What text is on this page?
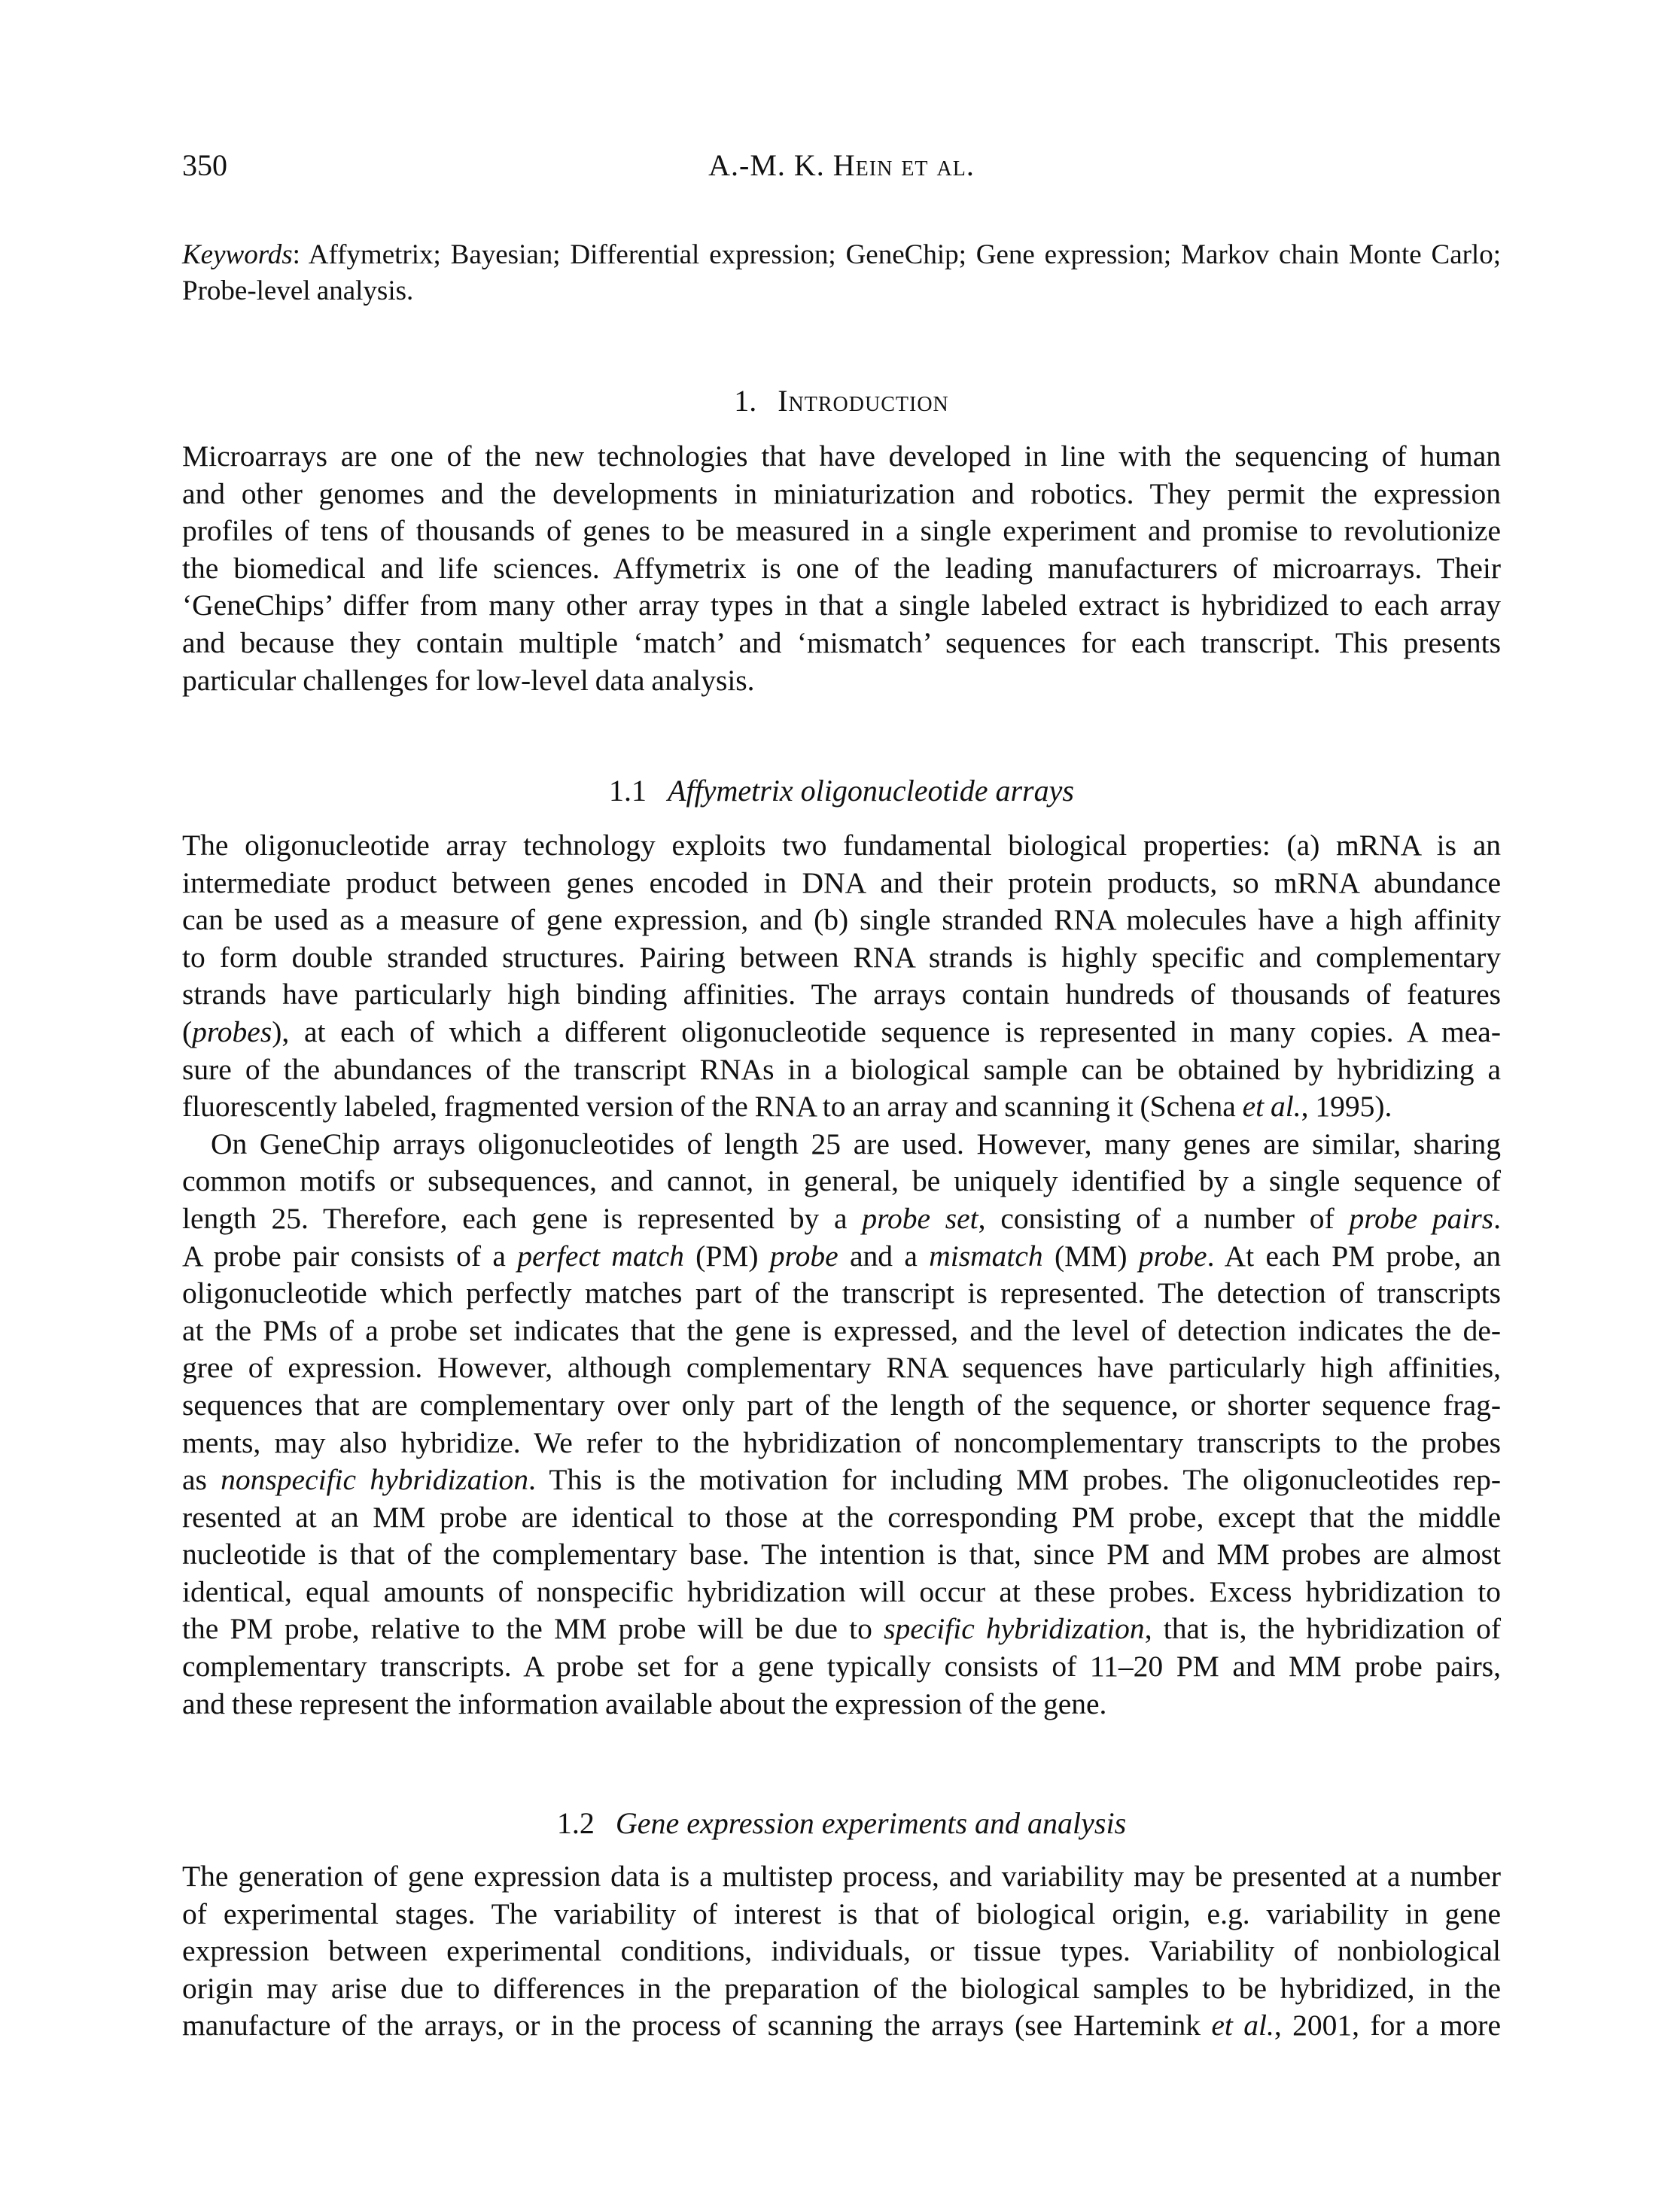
350	A.-M. K. Hein et al.
Keywords: Affymetrix; Bayesian; Differential expression; GeneChip; Gene expression; Markov chain Monte Carlo;
Probe-level analysis.
1. Introduction
Microarrays are one of the new technologies that have developed in line with the sequencing of human
and other genomes and the developments in miniaturization and robotics. They permit the expression
profiles of tens of thousands of genes to be measured in a single experiment and promise to revolutionize
the biomedical and life sciences. Affymetrix is one of the leading manufacturers of microarrays. Their
‘GeneChips’ differ from many other array types in that a single labeled extract is hybridized to each array
and because they contain multiple ‘match’ and ‘mismatch’ sequences for each transcript. This presents
particular challenges for low-level data analysis.
1.1 Affymetrix oligonucleotide arrays
The oligonucleotide array technology exploits two fundamental biological properties: (a) mRNA is an
intermediate product between genes encoded in DNA and their protein products, so mRNA abundance
can be used as a measure of gene expression, and (b) single stranded RNA molecules have a high affinity
to form double stranded structures. Pairing between RNA strands is highly specific and complementary
strands have particularly high binding affinities. The arrays contain hundreds of thousands of features
(probes), at each of which a different oligonucleotide sequence is represented in many copies. A mea-
sure of the abundances of the transcript RNAs in a biological sample can be obtained by hybridizing a
fluorescently labeled, fragmented version of the RNA to an array and scanning it (Schena et al., 1995).
On GeneChip arrays oligonucleotides of length 25 are used. However, many genes are similar, sharing
common motifs or subsequences, and cannot, in general, be uniquely identified by a single sequence of
length 25. Therefore, each gene is represented by a probe set, consisting of a number of probe pairs.
A probe pair consists of a perfect match (PM) probe and a mismatch (MM) probe. At each PM probe, an
oligonucleotide which perfectly matches part of the transcript is represented. The detection of transcripts
at the PMs of a probe set indicates that the gene is expressed, and the level of detection indicates the de-
gree of expression. However, although complementary RNA sequences have particularly high affinities,
sequences that are complementary over only part of the length of the sequence, or shorter sequence frag-
ments, may also hybridize. We refer to the hybridization of noncomplementary transcripts to the probes
as nonspecific hybridization. This is the motivation for including MM probes. The oligonucleotides rep-
resented at an MM probe are identical to those at the corresponding PM probe, except that the middle
nucleotide is that of the complementary base. The intention is that, since PM and MM probes are almost
identical, equal amounts of nonspecific hybridization will occur at these probes. Excess hybridization to
the PM probe, relative to the MM probe will be due to specific hybridization, that is, the hybridization of
complementary transcripts. A probe set for a gene typically consists of 11–20 PM and MM probe pairs,
and these represent the information available about the expression of the gene.
1.2 Gene expression experiments and analysis
The generation of gene expression data is a multistep process, and variability may be presented at a number
of experimental stages. The variability of interest is that of biological origin, e.g. variability in gene
expression between experimental conditions, individuals, or tissue types. Variability of nonbiological
origin may arise due to differences in the preparation of the biological samples to be hybridized, in the
manufacture of the arrays, or in the process of scanning the arrays (see Hartemink et al., 2001, for a more
